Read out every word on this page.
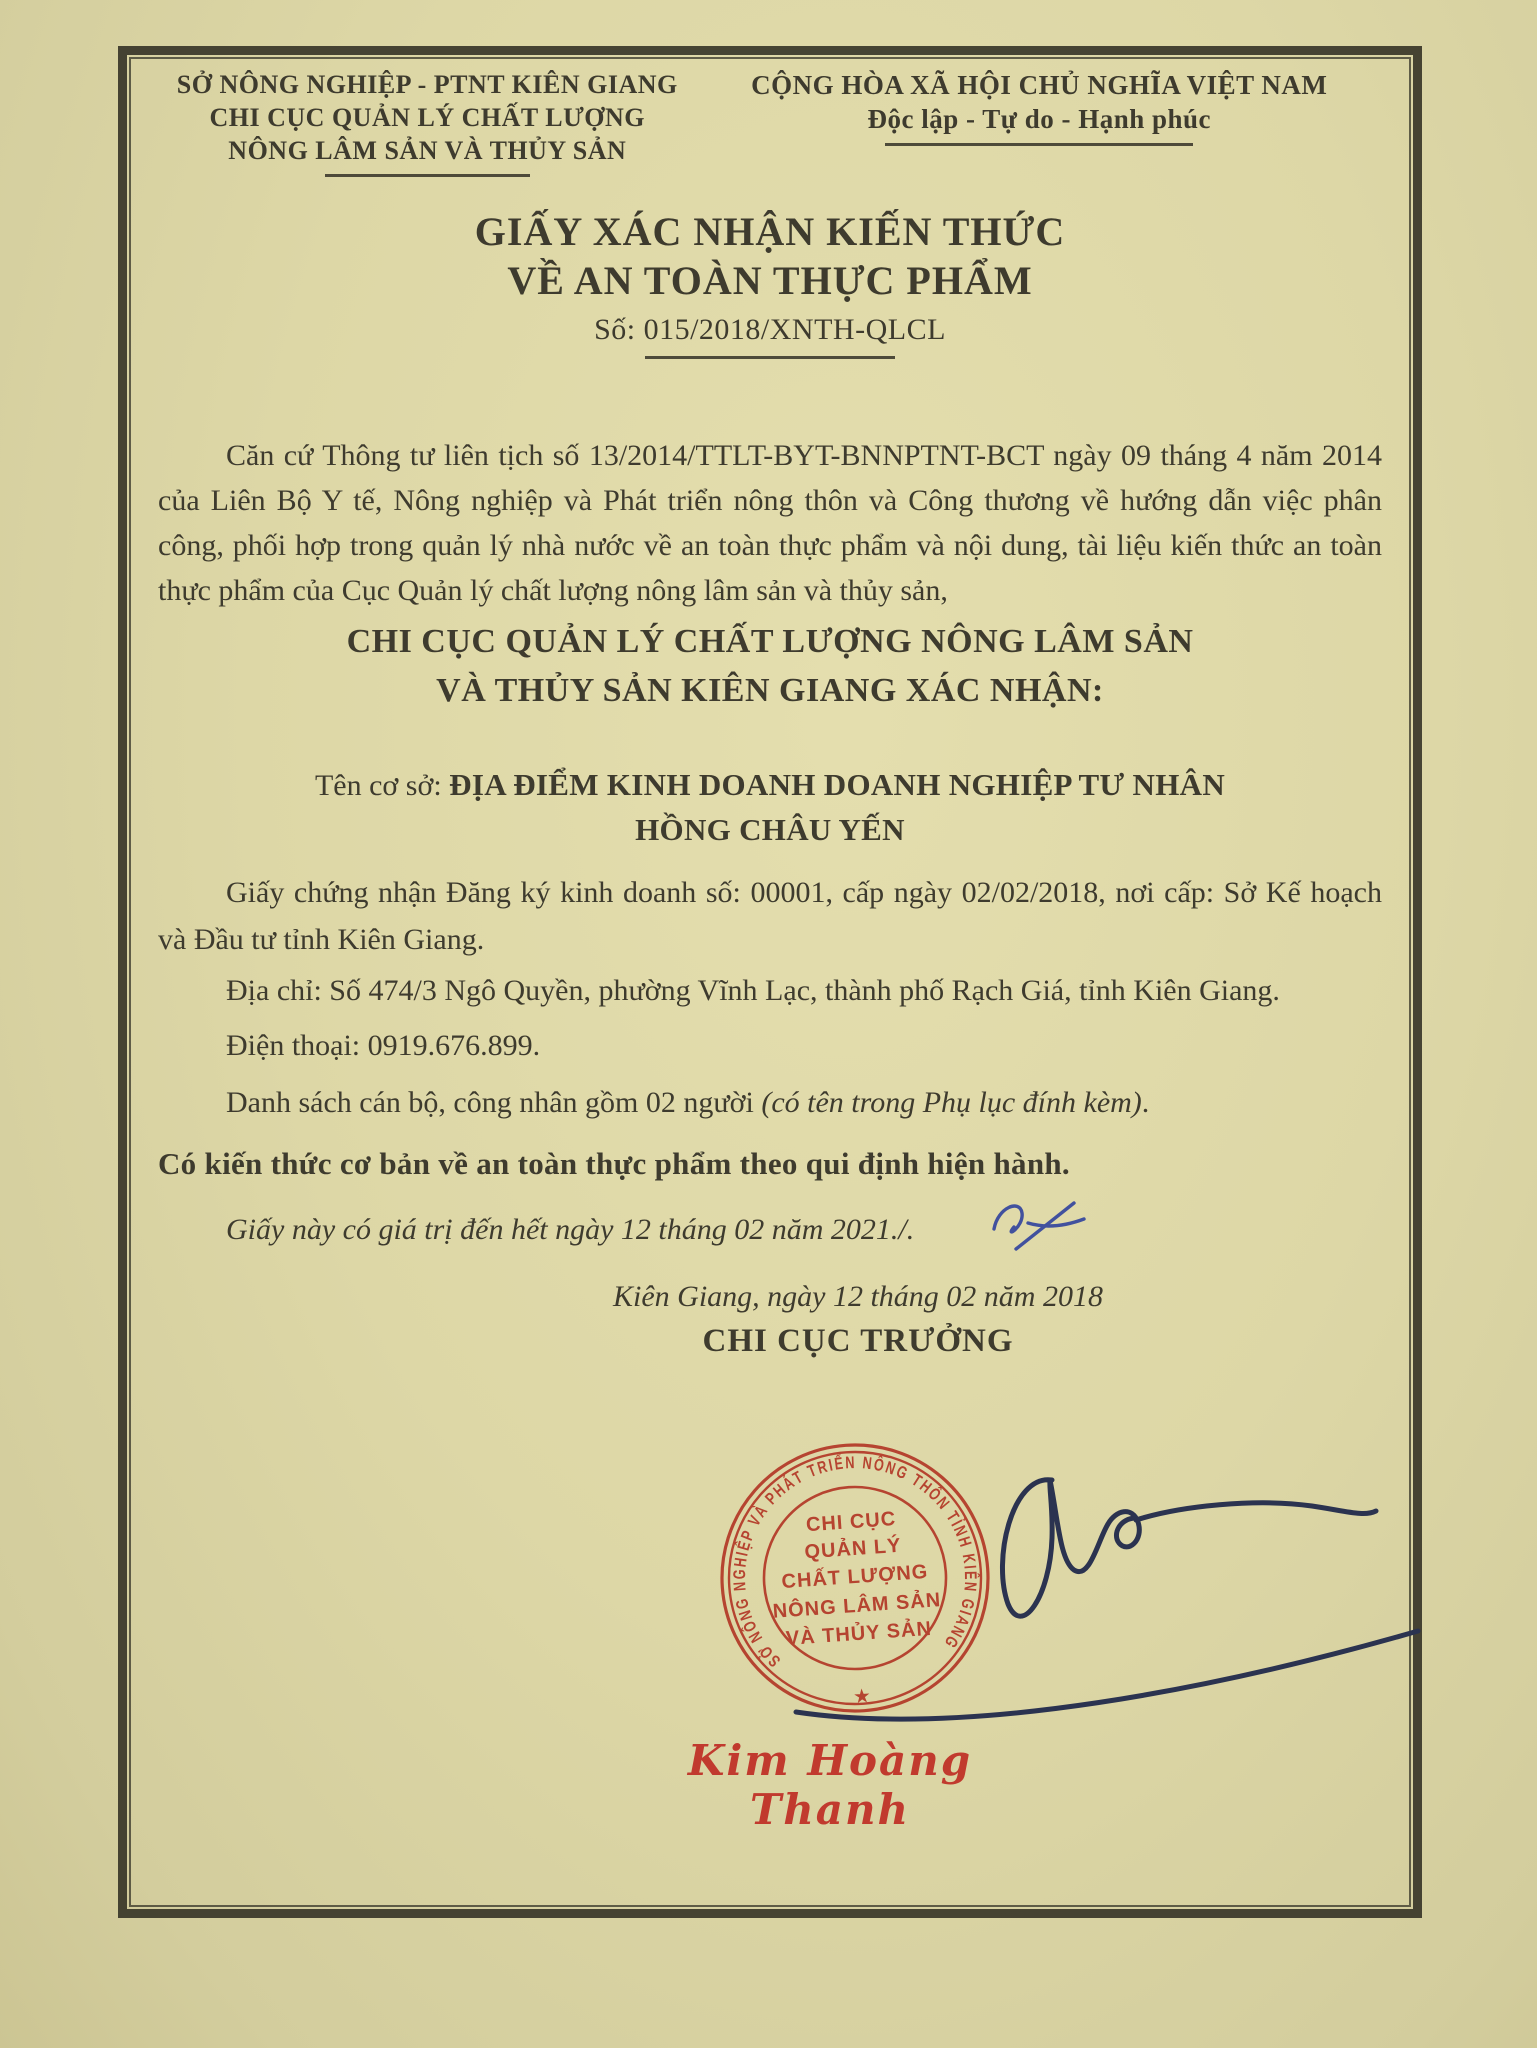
SỞ NÔNG NGHIỆP - PTNT KIÊN GIANG
CHI CỤC QUẢN LÝ CHẤT LƯỢNG
NÔNG LÂM SẢN VÀ THỦY SẢN
CỘNG HÒA XÃ HỘI CHỦ NGHĨA VIỆT NAM
Độc lập - Tự do - Hạnh phúc
GIẤY XÁC NHẬN KIẾN THỨC
VỀ AN TOÀN THỰC PHẨM
Số: 015/2018/XNTH-QLCL
Căn cứ Thông tư liên tịch số 13/2014/TTLT-BYT-BNNPTNT-BCT ngày 09 tháng 4 năm 2014 của Liên Bộ Y tế, Nông nghiệp và Phát triển nông thôn và Công thương về hướng dẫn việc phân công, phối hợp trong quản lý nhà nước về an toàn thực phẩm và nội dung, tài liệu kiến thức an toàn thực phẩm của Cục Quản lý chất lượng nông lâm sản và thủy sản,
CHI CỤC QUẢN LÝ CHẤT LƯỢNG NÔNG LÂM SẢN
VÀ THỦY SẢN KIÊN GIANG XÁC NHẬN:
Tên cơ sở: ĐỊA ĐIỂM KINH DOANH DOANH NGHIỆP TƯ NHÂN
HỒNG CHÂU YẾN
Giấy chứng nhận Đăng ký kinh doanh số: 00001, cấp ngày 02/02/2018, nơi cấp: Sở Kế hoạch và Đầu tư tỉnh Kiên Giang.
Địa chỉ: Số 474/3 Ngô Quyền, phường Vĩnh Lạc, thành phố Rạch Giá, tỉnh Kiên Giang.
Điện thoại: 0919.676.899.
Danh sách cán bộ, công nhân gồm 02 người (có tên trong Phụ lục đính kèm).
Có kiến thức cơ bản về an toàn thực phẩm theo qui định hiện hành.
Giấy này có giá trị đến hết ngày 12 tháng 02 năm 2021./.
Kiên Giang, ngày 12 tháng 02 năm 2018
CHI CỤC TRƯỞNG
SỞ NÔNG NGHIỆP VÀ PHÁT TRIỂN NÔNG THÔN TỈNH KIÊN GIANG
★
CHI CỤC
QUẢN LÝ
CHẤT LƯỢNG
NÔNG LÂM SẢN
VÀ THỦY SẢN
Kim Hoàng Thanh
